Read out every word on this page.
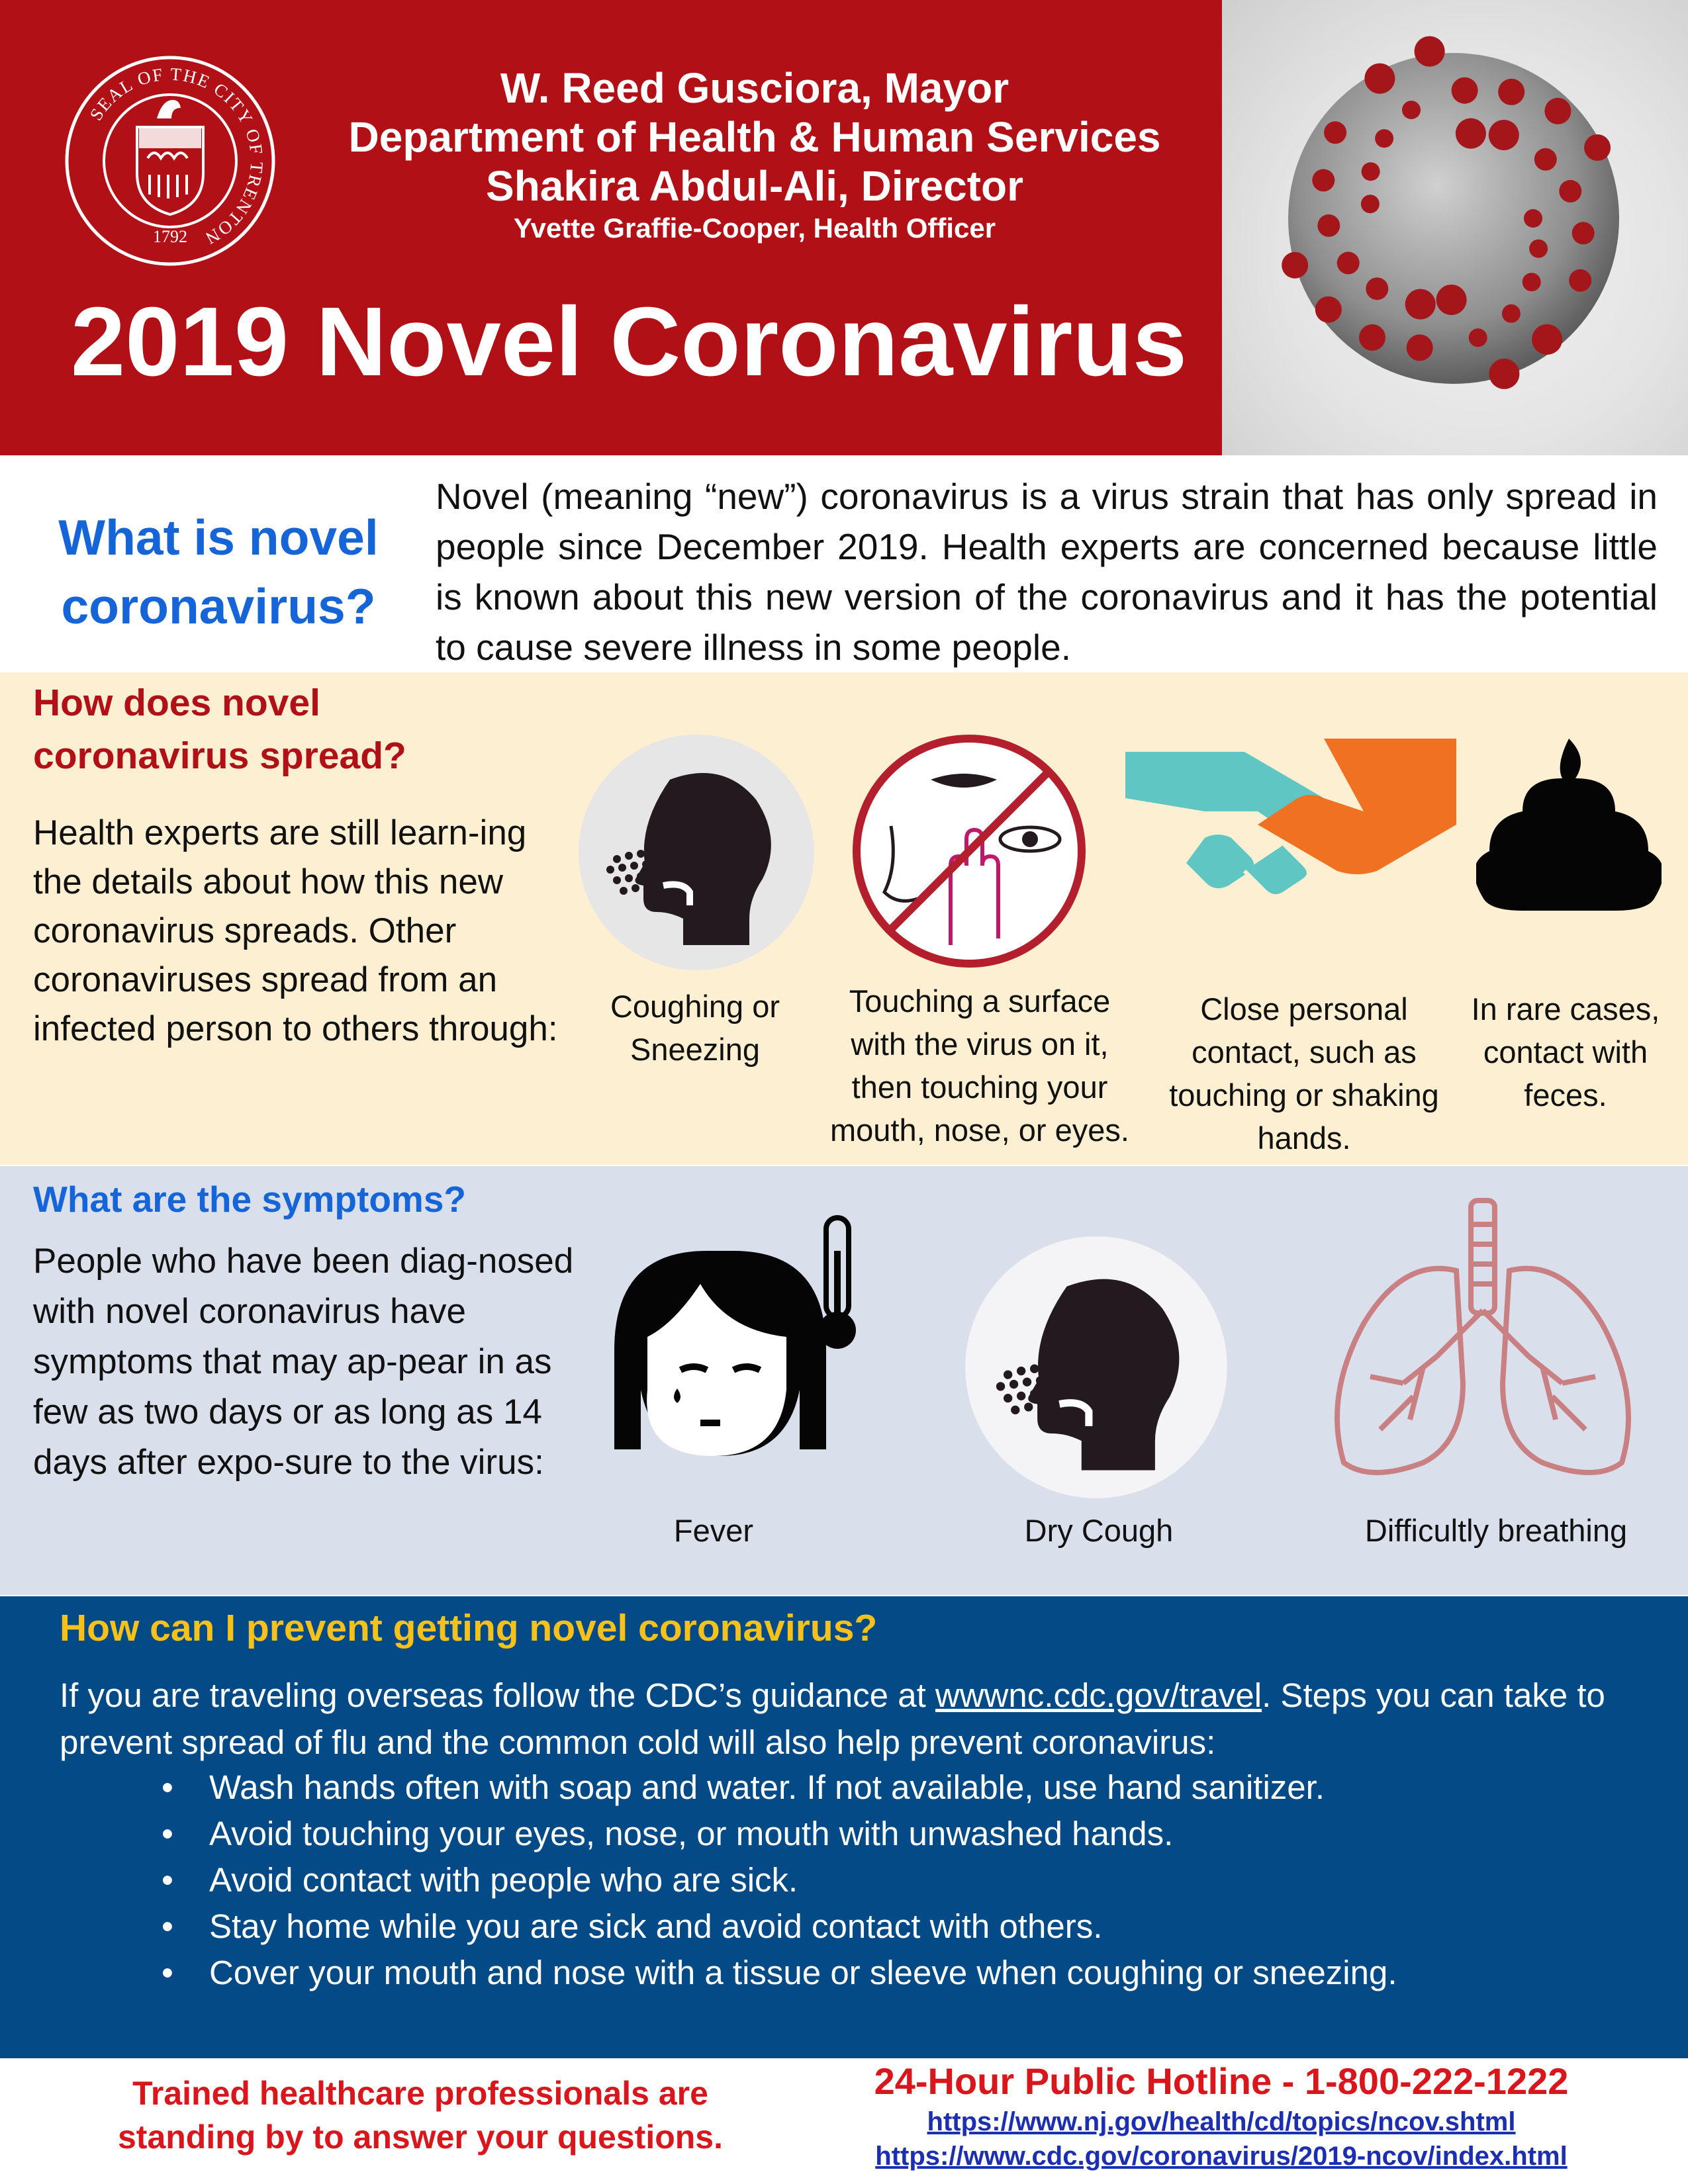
SEAL OF THE CITY OF TRENTON
1792
W. Reed Gusciora, Mayor
Department of Health & Human Services
Shakira Abdul-Ali, Director
Yvette Graffie-Cooper, Health Officer
2019 Novel Coronavirus
What is novel
coronavirus?
Novel (meaning “new”) coronavirus is a virus strain that has only spread in people since December 2019. Health experts are concerned because little is known about this new version of the coronavirus and it has the potential to cause severe illness in some people.
How does novel
coronavirus spread?
Health experts are still learn-ing the details about how this new coronavirus spreads. Other coronaviruses spread from an infected person to others through:
Coughing or
Sneezing
Touching a surface
with the virus on it,
then touching your
mouth, nose, or eyes.
Close personal
contact, such as
touching or shaking
hands.
In rare cases,
contact with
feces.
What are the symptoms?
People who have been diag-nosed with novel coronavirus have symptoms that may ap-pear in as few as two days or as long as 14 days after expo-sure to the virus:
Fever	Dry Cough	Difficultly breathing
How can I prevent getting novel coronavirus?
If you are traveling overseas follow the CDC’s guidance at wwwnc.cdc.gov/travel. Steps you can take to prevent spread of flu and the common cold will also help prevent coronavirus:
• Wash hands often with soap and water. If not available, use hand sanitizer.
• Avoid touching your eyes, nose, or mouth with unwashed hands.
• Avoid contact with people who are sick.
• Stay home while you are sick and avoid contact with others.
• Cover your mouth and nose with a tissue or sleeve when coughing or sneezing.
Trained healthcare professionals are
standing by to answer your questions.
24-Hour Public Hotline - 1-800-222-1222
https://www.nj.gov/health/cd/topics/ncov.shtml
https://www.cdc.gov/coronavirus/2019-ncov/index.html
